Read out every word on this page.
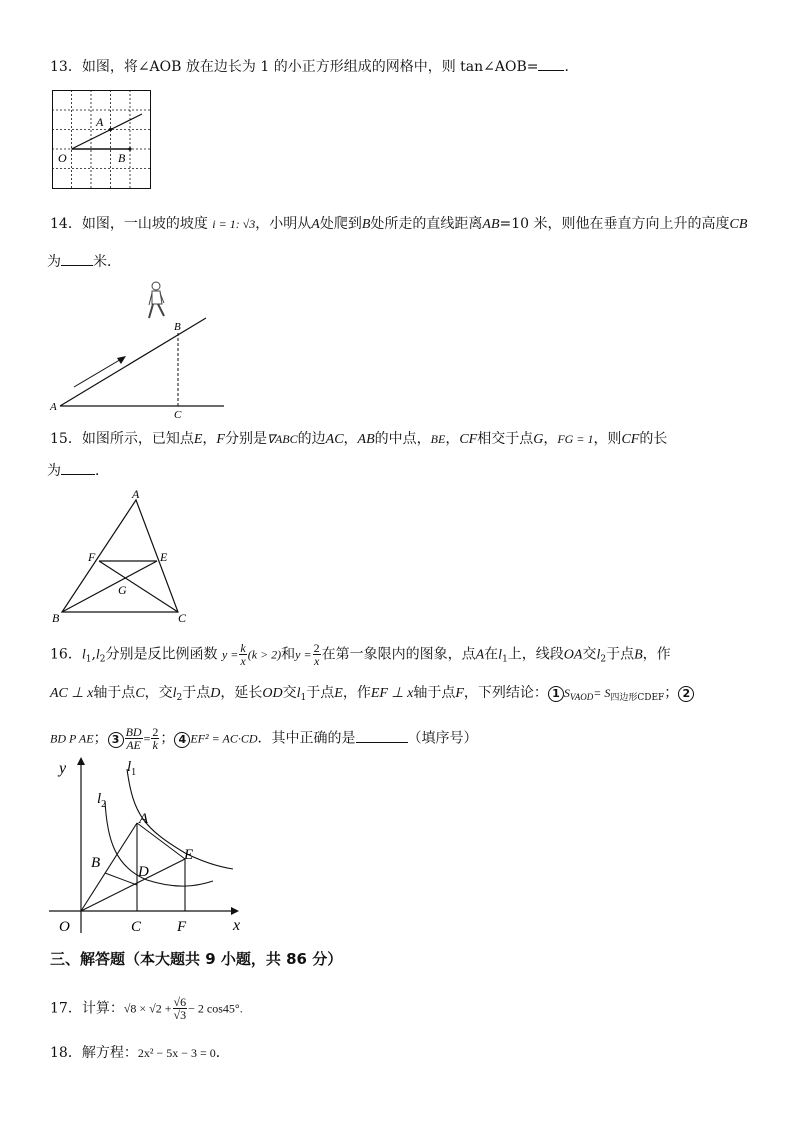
13．如图，将∠AOB 放在边长为 1 的小正方形组成的网格中，则 tan∠AOB= ．
A
O	B
14．如图，一山坡的坡度 i = 1: √3，小明从A处爬到B处所走的直线距离AB=10 米，则他在垂直方向上升的高度CB
为 米．
A
B
C
15．如图所示，已知点E，F分别是∇ABC的边AC，AB的中点，BE，CF相交于点G，FG = 1，则CF的长
为 ．
A
F	E
G
B	C
16．$l_1,l_2$分别是反比例函数 $y = \frac{k}{x} (k > 2)$和$y = \frac{2}{x}$ 在第一象限内的图象，点A在$l_1$上，线段OA交$l_2$于点B，作
AC ⊥ x轴于点C，交$l_2$于点D，延长OD交$l_1$于点E，作EF ⊥ x轴于点F，下列结论： 1 $S_{VAOD}= S_{四边形CDEF}$； 2
BD P AE； $3 \frac{BD}{AE} = \frac{2}{k}$ ； 4 EF² = AC·CD．其中正确的是	（填序号）
y
x
O	C F
A
B
D
E
$l_1$
$l_2$
三、解答题（本大题共 9 小题，共 86 分）
17．计算：$√8 \times √2 + \frac{√6}{√3} - 2$ cos45°.
18．解方程：2x² − 5x − 3 = 0．
